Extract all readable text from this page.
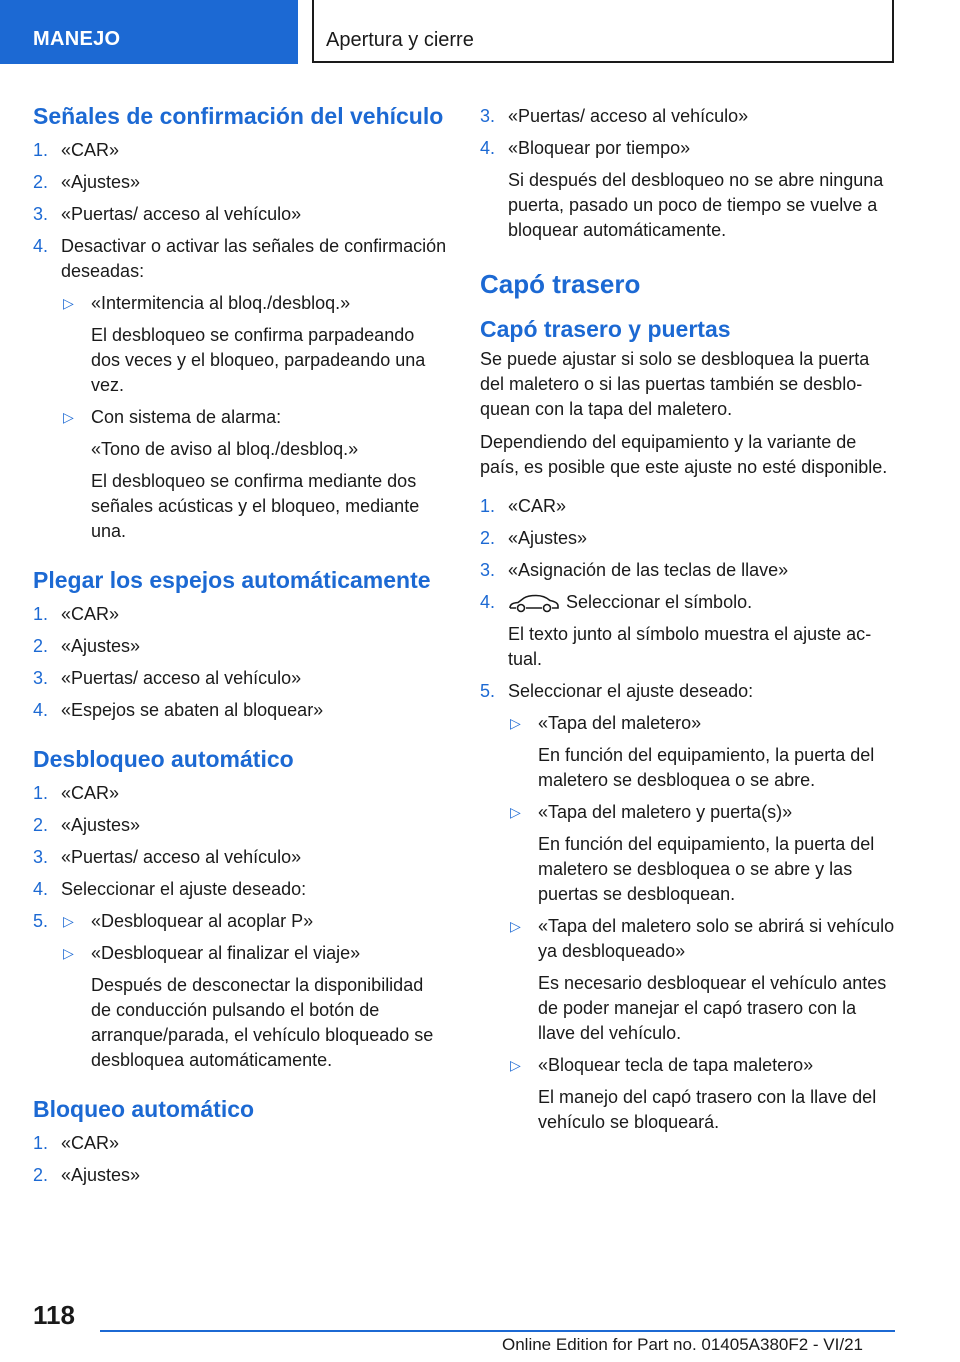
MANEJO	Apertura y cierre
Señales de confirmación del vehículo
1. «CAR»
2. «Ajustes»
3. «Puertas/ acceso al vehículo»
4. Desactivar o activar las señales de confirmación deseadas:
▷ «Intermitencia al bloq./desbloq.»

El desbloqueo se confirma parpadeando dos veces y el bloqueo, parpadeando una vez.

▷ Con sistema de alarma:

«Tono de aviso al bloq./desbloq.»

El desbloqueo se confirma mediante dos señales acústicas y el bloqueo, mediante una.

Plegar los espejos automáticamente
1. «CAR»
2. «Ajustes»
3. «Puertas/ acceso al vehículo»
4. «Espejos se abaten al bloquear»
Desbloqueo automático
1. «CAR»
2. «Ajustes»
3. «Puertas/ acceso al vehículo»
4. Seleccionar el ajuste deseado:
5. ▷ «Desbloquear al acoplar P»
▷ «Desbloquear al finalizar el viaje»

Después de desconectar la disponibilidad de conducción pulsando el botón de arranque/parada, el vehículo bloqueado se desbloquea automáticamente.

Bloqueo automático
1. «CAR»
2. «Ajustes»
3. «Puertas/ acceso al vehículo»
4. «Bloquear por tiempo»

Si después del desbloqueo no se abre ninguna puerta, pasado un poco de tiempo se vuelve a bloquear automáticamente.

Capó trasero
Capó trasero y puertas

Se puede ajustar si solo se desbloquea la puerta del maletero o si las puertas también se desbloquean con la tapa del maletero.

Dependiendo del equipamiento y la variante de país, es posible que este ajuste no esté disponible.

1. «CAR»
2. «Ajustes»
3. «Asignación de las teclas de llave»
4.	Seleccionar el símbolo.

El texto junto al símbolo muestra el ajuste actual.

5. Seleccionar el ajuste deseado:
▷ «Tapa del maletero»

En función del equipamiento, la puerta del maletero se desbloquea o se abre.

▷ «Tapa del maletero y puerta(s)»

En función del equipamiento, la puerta del maletero se desbloquea o se abre y las puertas se desbloquean.

▷ «Tapa del maletero solo se abrirá si vehículo ya desbloqueado»

Es necesario desbloquear el vehículo antes de poder manejar el capó trasero con la llave del vehículo.

▷ «Bloquear tecla de tapa maletero»

El manejo del capó trasero con la llave del vehículo se bloqueará.

118
Online Edition for Part no. 01405A380F2 - VI/21
